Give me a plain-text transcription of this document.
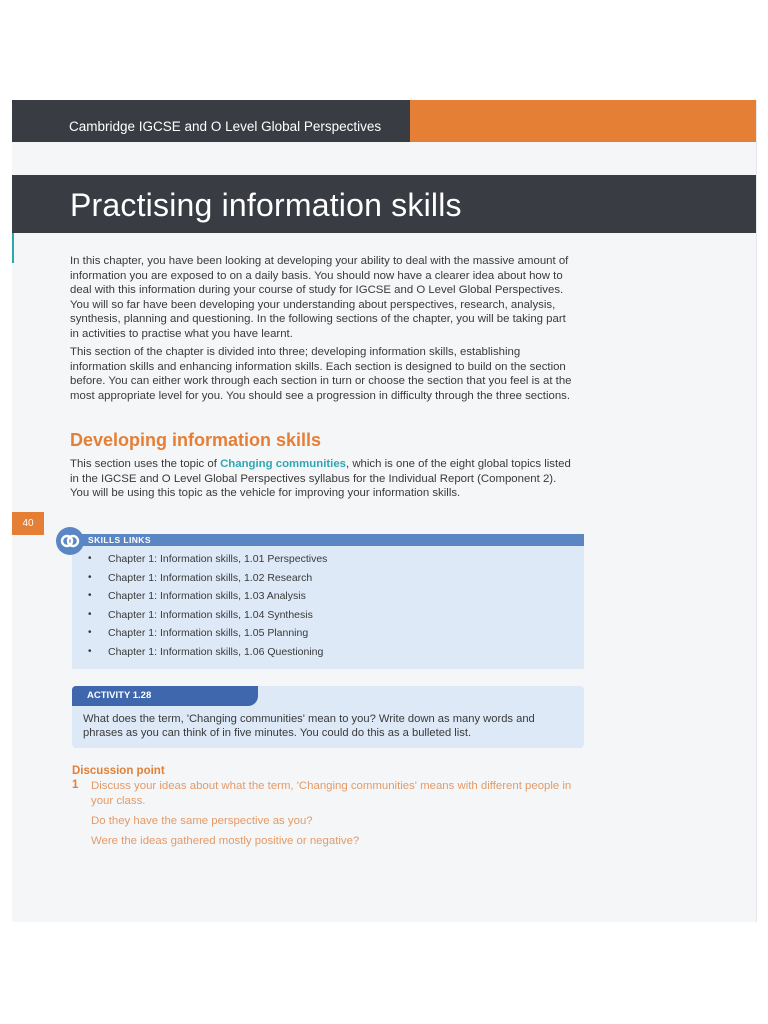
Cambridge IGCSE and O Level Global Perspectives
Practising information skills

In this chapter, you have been looking at developing your ability to deal with the massive amount of information you are exposed to on a daily basis. You should now have a clearer idea about how to deal with this information during your course of study for IGCSE and O Level Global Perspectives. You will so far have been developing your understanding about perspectives, research, analysis, synthesis, planning and questioning. In the following sections of the chapter, you will be taking part in activities to practise what you have learnt.

This section of the chapter is divided into three; developing information skills, establishing information skills and enhancing information skills. Each section is designed to build on the section before. You can either work through each section in turn or choose the section that you feel is at the most appropriate level for you. You should see a progression in difficulty through the three sections.

Developing information skills

This section uses the topic of Changing communities, which is one of the eight global topics listed in the IGCSE and O Level Global Perspectives syllabus for the Individual Report (Component 2). You will be using this topic as the vehicle for improving your information skills.

40
SKILLS LINKS
• Chapter 1: Information skills, 1.01 Perspectives
• Chapter 1: Information skills, 1.02 Research
• Chapter 1: Information skills, 1.03 Analysis
• Chapter 1: Information skills, 1.04 Synthesis
• Chapter 1: Information skills, 1.05 Planning
• Chapter 1: Information skills, 1.06 Questioning
ACTIVITY 1.28

What does the term, 'Changing communities' mean to you? Write down as many words and phrases as you can think of in five minutes. You could do this as a bulleted list.

Discussion point
1 Discuss your ideas about what the term, 'Changing communities' means with different people in your class.

Do they have the same perspective as you?

Were the ideas gathered mostly positive or negative?
